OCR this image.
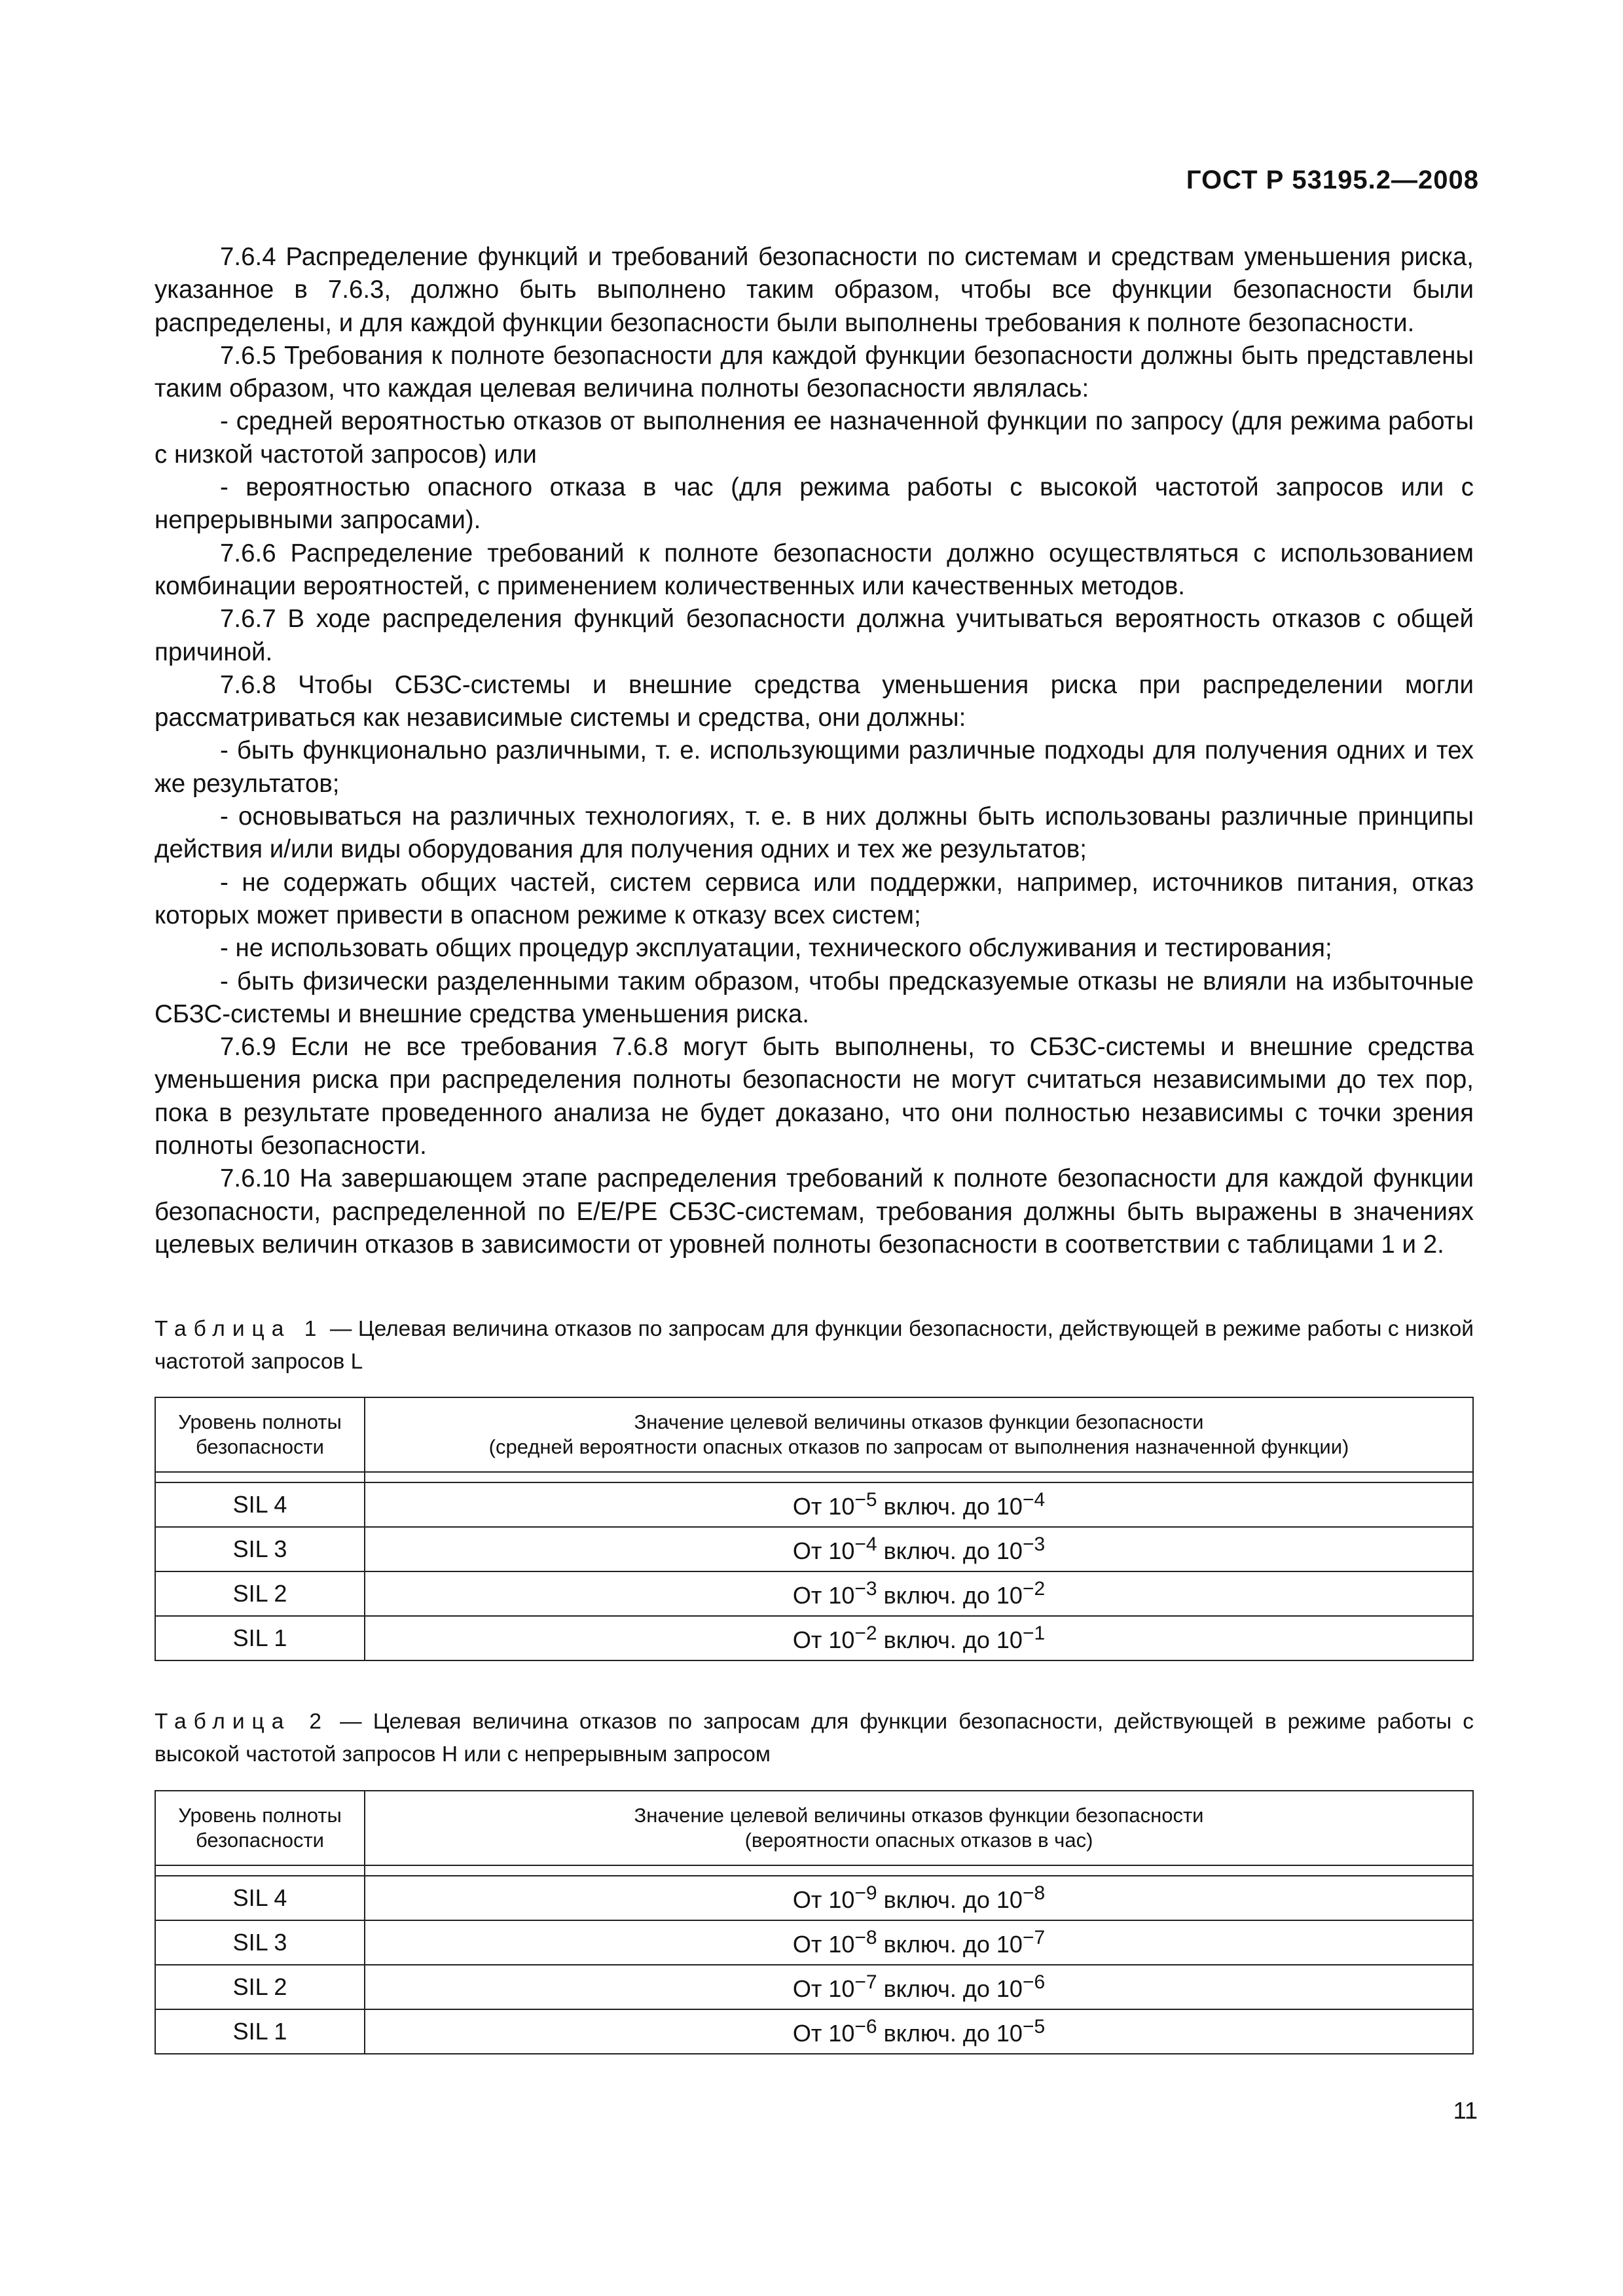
ГОСТ Р 53195.2—2008

7.6.4 Распределение функций и требований безопасности по системам и средствам уменьшения риска, указанное в 7.6.3, должно быть выполнено таким образом, чтобы все функции безопасности были распределены, и для каждой функции безопасности были выполнены требования к полноте безопасности.

7.6.5 Требования к полноте безопасности для каждой функции безопасности должны быть представлены таким образом, что каждая целевая величина полноты безопасности являлась:

- средней вероятностью отказов от выполнения ее назначенной функции по запросу (для режима работы с низкой частотой запросов) или

- вероятностью опасного отказа в час (для режима работы с высокой частотой запросов или с непрерывными запросами).

7.6.6 Распределение требований к полноте безопасности должно осуществляться с использованием комбинации вероятностей, с применением количественных или качественных методов.

7.6.7 В ходе распределения функций безопасности должна учитываться вероятность отказов с общей причиной.

7.6.8 Чтобы СБЗС-системы и внешние средства уменьшения риска при распределении могли рассматриваться как независимые системы и средства, они должны:

- быть функционально различными, т. е. использующими различные подходы для получения одних и тех же результатов;

- основываться на различных технологиях, т. е. в них должны быть использованы различные принципы действия и/или виды оборудования для получения одних и тех же результатов;

- не содержать общих частей, систем сервиса или поддержки, например, источников питания, отказ которых может привести в опасном режиме к отказу всех систем;

- не использовать общих процедур эксплуатации, технического обслуживания и тестирования;

- быть физически разделенными таким образом, чтобы предсказуемые отказы не влияли на избыточные СБЗС-системы и внешние средства уменьшения риска.

7.6.9 Если не все требования 7.6.8 могут быть выполнены, то СБЗС-системы и внешние средства уменьшения риска при распределения полноты безопасности не могут считаться независимыми до тех пор, пока в результате проведенного анализа не будет доказано, что они полностью независимы с точки зрения полноты безопасности.

7.6.10 На завершающем этапе распределения требований к полноте безопасности для каждой функции безопасности, распределенной по E/E/PE СБЗС-системам, требования должны быть выражены в значениях целевых величин отказов в зависимости от уровней полноты безопасности в соответствии с таблицами 1 и 2.

Таблица 1 — Целевая величина отказов по запросам для функции безопасности, действующей в режиме работы с низкой частотой запросов L
Уровень полноты безопасности	Значение целевой величины отказов функции безопасности
(средней вероятности опасных отказов по запросам от выполнения назначенной функции)

SIL 4	От $10^{-5}$ включ. до $10^{-4}$
SIL 3	От $10^{-4}$ включ. до $10^{-3}$
SIL 2	От $10^{-3}$ включ. до $10^{-2}$
SIL 1	От $10^{-2}$ включ. до $10^{-1}$
Таблица 2 — Целевая величина отказов по запросам для функции безопасности, действующей в режиме работы с высокой частотой запросов H или с непрерывным запросом
Уровень полноты безопасности	Значение целевой величины отказов функции безопасности
(вероятности опасных отказов в час)

SIL 4	От $10^{-9}$ включ. до $10^{-8}$
SIL 3	От $10^{-8}$ включ. до $10^{-7}$
SIL 2	От $10^{-7}$ включ. до $10^{-6}$
SIL 1	От $10^{-6}$ включ. до $10^{-5}$
11
